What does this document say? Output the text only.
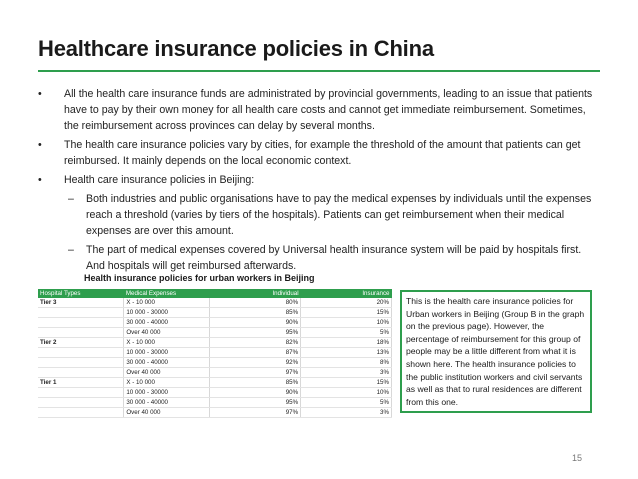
Healthcare insurance policies in China

• All the health care insurance funds are administrated by provincial governments, leading to an issue that patients have to pay by their own money for all health care costs and cannot get immediate reimbursement. Sometimes, the reimbursement across provinces can delay by several months.

• The health care insurance policies vary by cities, for example the threshold of the amount that patients can get reimbursed. It mainly depends on the local economic context.

• Health care insurance policies in Beijing:

– Both industries and public organisations have to pay the medical expenses by individuals until the expenses reach a threshold (varies by tiers of the hospitals). Patients can get reimbursement when their medical expenses are over this amount.

– The part of medical expenses covered by Universal health insurance system will be paid by hospitals first. And hospitals will get reimbursed afterwards.

Health insurance policies for urban workers in Beijing

Hospital Types	Medical Expenses	Individual	Insurance
Tier 3	X - 10 000	80%	20%
	10 000 - 30000	85%	15%
	30 000 - 40000	90%	10%
	Over 40 000	95%	5%
Tier 2	X - 10 000	82%	18%
	10 000 - 30000	87%	13%
	30 000 - 40000	92%	8%
	Over 40 000	97%	3%
Tier 1	X - 10 000	85%	15%
	10 000 - 30000	90%	10%
	30 000 - 40000	95%	5%
	Over 40 000	97%	3%
This is the health care insurance policies for Urban workers in Beijing (Group B in the graph on the previous page). However, the percentage of reimbursement for this group of people may be a little different from what it is shown here. The health insurance policies to the public institution workers and civil servants as well as that to rural residences are different from this one.
15
